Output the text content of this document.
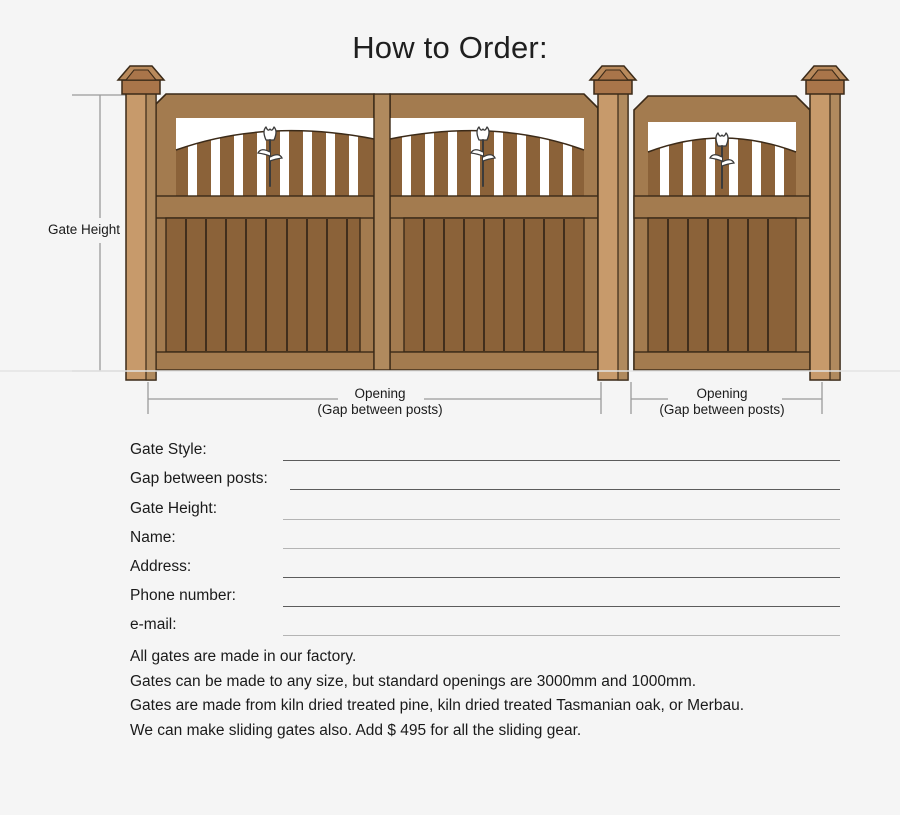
How to Order:
Gate Height
Opening
(Gap between posts)
Opening
(Gap between posts)
Gate Style:
Gap between posts:
Gate Height:
Name:
Address:
Phone number:
e-mail:

All gates are made in our factory.

Gates can be made to any size, but standard openings are 3000mm and 1000mm.

Gates are made from kiln dried treated pine, kiln dried treated Tasmanian oak, or Merbau.

We can make sliding gates also. Add $ 495 for all the sliding gear.
